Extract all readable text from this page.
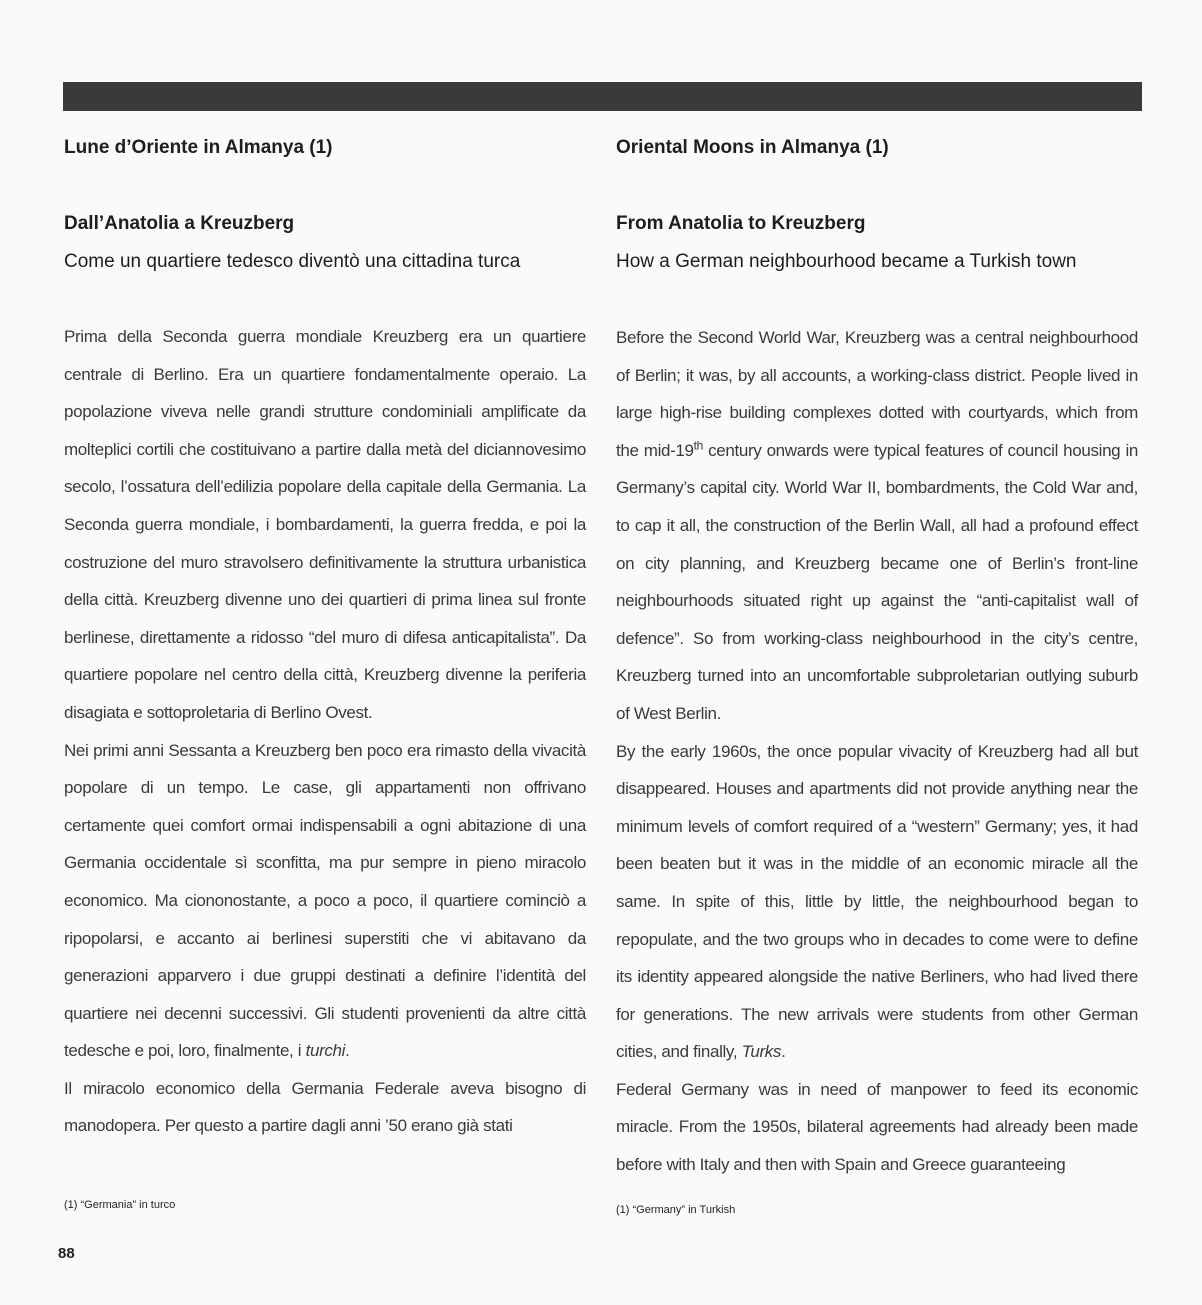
Lune d’Oriente in Almanya (1)
Dall’Anatolia a Kreuzberg
Come un quartiere tedesco diventò una cittadina turca

Prima della Seconda guerra mondiale Kreuzberg era un quartiere centrale di Berlino. Era un quartiere fondamentalmente operaio. La popolazione viveva nelle grandi strutture condominiali amplificate da molteplici cortili che costituivano a partire dalla metà del diciannovesimo secolo, l’ossatura dell’edilizia popolare della capitale della Germania. La Seconda guerra mondiale, i bombardamenti, la guerra fredda, e poi la costruzione del muro stravolsero definitivamente la struttura urbanistica della città. Kreuzberg divenne uno dei quartieri di prima linea sul fronte berlinese, direttamente a ridosso “del muro di difesa anticapitalista”. Da quartiere popolare nel centro della città, Kreuzberg divenne la periferia disagiata e sottoproletaria di Berlino Ovest.

Nei primi anni Sessanta a Kreuzberg ben poco era rimasto della vivacità popolare di un tempo. Le case, gli appartamenti non offrivano certamente quei comfort ormai indispensabili a ogni abitazione di una Germania occidentale sì sconfitta, ma pur sempre in pieno miracolo economico. Ma ciononostante, a poco a poco, il quartiere cominciò a ripopolarsi, e accanto ai berlinesi superstiti che vi abitavano da generazioni apparvero i due gruppi destinati a definire l’identità del quartiere nei decenni successivi. Gli studenti provenienti da altre città tedesche e poi, loro, finalmente, i turchi.

Il miracolo economico della Germania Federale aveva bisogno di manodopera. Per questo a partire dagli anni ’50 erano già stati

(1) “Germania” in turco
Oriental Moons in Almanya (1)
From Anatolia to Kreuzberg
How a German neighbourhood became a Turkish town

Before the Second World War, Kreuzberg was a central neighbourhood of Berlin; it was, by all accounts, a working-class district. People lived in large high-rise building complexes dotted with courtyards, which from the mid-19th century onwards were typical features of council housing in Germany’s capital city. World War II, bombardments, the Cold War and, to cap it all, the construction of the Berlin Wall, all had a profound effect on city planning, and Kreuzberg became one of Berlin’s front-line neighbourhoods situated right up against the “anti-capitalist wall of defence”. So from working-class neighbourhood in the city’s centre, Kreuzberg turned into an uncomfortable subproletarian outlying suburb of West Berlin.

By the early 1960s, the once popular vivacity of Kreuzberg had all but disappeared. Houses and apartments did not provide anything near the minimum levels of comfort required of a “western” Germany; yes, it had been beaten but it was in the middle of an economic miracle all the same. In spite of this, little by little, the neighbourhood began to repopulate, and the two groups who in decades to come were to define its identity appeared alongside the native Berliners, who had lived there for generations. The new arrivals were students from other German cities, and finally, Turks.

Federal Germany was in need of manpower to feed its economic miracle. From the 1950s, bilateral agreements had already been made before with Italy and then with Spain and Greece guaranteeing

(1) “Germany” in Turkish
88
